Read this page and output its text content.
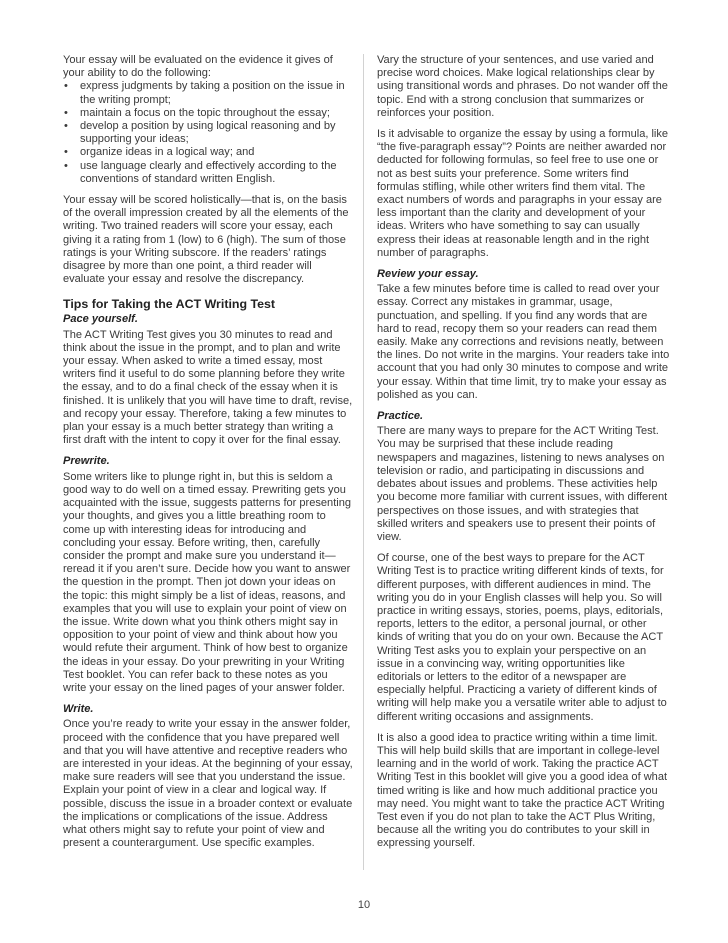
Your essay will be evaluated on the evidence it gives of your ability to do the following:

• express judgments by taking a position on the issue in the writing prompt;
• maintain a focus on the topic throughout the essay;
• develop a position by using logical reasoning and by supporting your ideas;
• organize ideas in a logical way; and
• use language clearly and effectively according to the conventions of standard written English.

Your essay will be scored holistically—that is, on the basis of the overall impression created by all the elements of the writing. Two trained readers will score your essay, each giving it a rating from 1 (low) to 6 (high). The sum of those ratings is your Writing subscore. If the readers’ ratings disagree by more than one point, a third reader will evaluate your essay and resolve the discrepancy.

Tips for Taking the ACT Writing Test
Pace yourself.

The ACT Writing Test gives you 30 minutes to read and think about the issue in the prompt, and to plan and write your essay. When asked to write a timed essay, most writers find it useful to do some planning before they write the essay, and to do a final check of the essay when it is finished. It is unlikely that you will have time to draft, revise, and recopy your essay. Therefore, taking a few minutes to plan your essay is a much better strategy than writing a first draft with the intent to copy it over for the final essay.

Prewrite.

Some writers like to plunge right in, but this is seldom a good way to do well on a timed essay. Prewriting gets you acquainted with the issue, suggests patterns for presenting your thoughts, and gives you a little breathing room to come up with interesting ideas for introducing and concluding your essay. Before writing, then, carefully consider the prompt and make sure you understand it—reread it if you aren’t sure. Decide how you want to answer the question in the prompt. Then jot down your ideas on the topic: this might simply be a list of ideas, reasons, and examples that you will use to explain your point of view on the issue. Write down what you think others might say in opposition to your point of view and think about how you would refute their argument. Think of how best to organize the ideas in your essay. Do your prewriting in your Writing Test booklet. You can refer back to these notes as you write your essay on the lined pages of your answer folder.

Write.

Once you’re ready to write your essay in the answer folder, proceed with the confidence that you have prepared well and that you will have attentive and receptive readers who are interested in your ideas. At the beginning of your essay, make sure readers will see that you understand the issue. Explain your point of view in a clear and logical way. If possible, discuss the issue in a broader context or evaluate the implications or complications of the issue. Address what others might say to refute your point of view and present a counterargument. Use specific examples.

Vary the structure of your sentences, and use varied and precise word choices. Make logical relationships clear by using transitional words and phrases. Do not wander off the topic. End with a strong conclusion that summarizes or reinforces your position.

Is it advisable to organize the essay by using a formula, like “the five-paragraph essay”? Points are neither awarded nor deducted for following formulas, so feel free to use one or not as best suits your preference. Some writers find formulas stifling, while other writers find them vital. The exact numbers of words and paragraphs in your essay are less important than the clarity and development of your ideas. Writers who have something to say can usually express their ideas at reasonable length and in the right number of paragraphs.

Review your essay.

Take a few minutes before time is called to read over your essay. Correct any mistakes in grammar, usage, punctuation, and spelling. If you find any words that are hard to read, recopy them so your readers can read them easily. Make any corrections and revisions neatly, between the lines. Do not write in the margins. Your readers take into account that you had only 30 minutes to compose and write your essay. Within that time limit, try to make your essay as polished as you can.

Practice.

There are many ways to prepare for the ACT Writing Test. You may be surprised that these include reading newspapers and magazines, listening to news analyses on television or radio, and participating in discussions and debates about issues and problems. These activities help you become more familiar with current issues, with different perspectives on those issues, and with strategies that skilled writers and speakers use to present their points of view.

Of course, one of the best ways to prepare for the ACT Writing Test is to practice writing different kinds of texts, for different purposes, with different audiences in mind. The writing you do in your English classes will help you. So will practice in writing essays, stories, poems, plays, editorials, reports, letters to the editor, a personal journal, or other kinds of writing that you do on your own. Because the ACT Writing Test asks you to explain your perspective on an issue in a convincing way, writing opportunities like editorials or letters to the editor of a newspaper are especially helpful. Practicing a variety of different kinds of writing will help make you a versatile writer able to adjust to different writing occasions and assignments.

It is also a good idea to practice writing within a time limit. This will help build skills that are important in college-level learning and in the world of work. Taking the practice ACT Writing Test in this booklet will give you a good idea of what timed writing is like and how much additional practice you may need. You might want to take the practice ACT Writing Test even if you do not plan to take the ACT Plus Writing, because all the writing you do contributes to your skill in expressing yourself.

10
